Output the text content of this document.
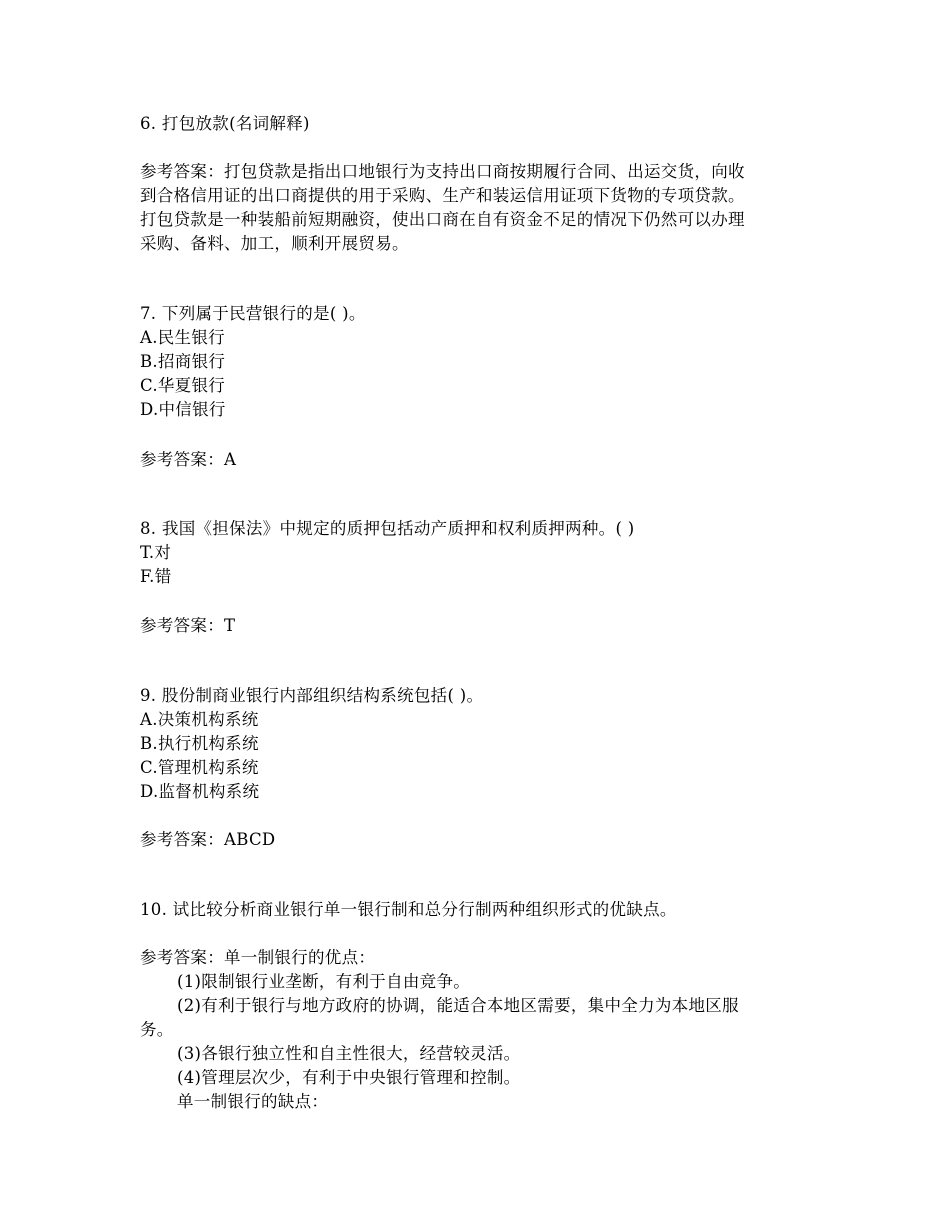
6. 打包放款(名词解释)
参考答案：打包贷款是指出口地银行为支持出口商按期履行合同、出运交货，向收
到合格信用证的出口商提供的用于采购、生产和装运信用证项下货物的专项贷款。
打包贷款是一种装船前短期融资，使出口商在自有资金不足的情况下仍然可以办理
采购、备料、加工，顺利开展贸易。
7. 下列属于民营银行的是( )。
A.民生银行
B.招商银行
C.华夏银行
D.中信银行
参考答案：A
8. 我国《担保法》中规定的质押包括动产质押和权利质押两种。( )
T.对
F.错
参考答案：T
9. 股份制商业银行内部组织结构系统包括( )。
A.决策机构系统
B.执行机构系统
C.管理机构系统
D.监督机构系统
参考答案：ABCD
10. 试比较分析商业银行单一银行制和总分行制两种组织形式的优缺点。
参考答案：单一制银行的优点：
(1)限制银行业垄断，有利于自由竞争。
(2)有利于银行与地方政府的协调，能适合本地区需要，集中全力为本地区服
务。
(3)各银行独立性和自主性很大，经营较灵活。
(4)管理层次少，有利于中央银行管理和控制。
单一制银行的缺点：
